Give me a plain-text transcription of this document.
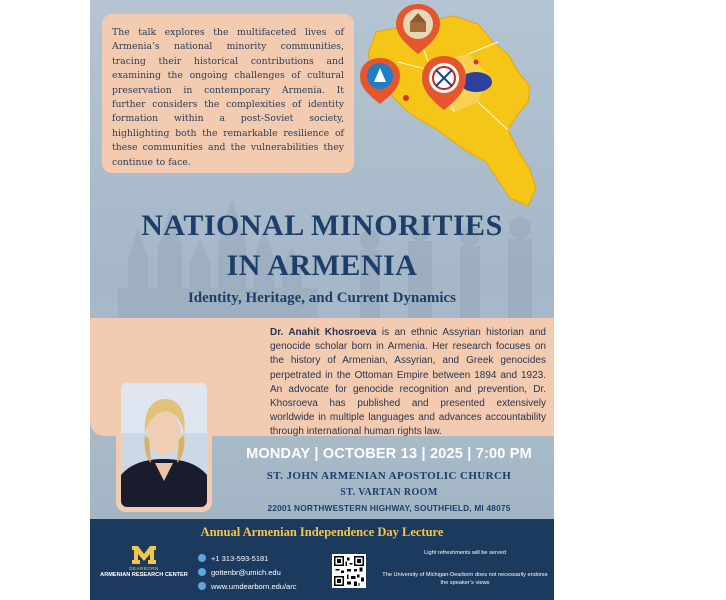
The talk explores the multifaceted lives of Armenia’s national minority communities, tracing their historical contributions and examining the ongoing challenges of cultural preservation in contemporary Armenia. It further considers the complexities of identity formation within a post-Soviet society, highlighting both the remarkable resilience of these communities and the vulnerabilities they continue to face.

NATIONAL MINORITIES
IN ARMENIA
Identity, Heritage, and Current Dynamics

Dr. Anahit Khosroeva is an ethnic Assyrian historian and genocide scholar born in Armenia. Her research focuses on the history of Armenian, Assyrian, and Greek genocides perpetrated in the Ottoman Empire between 1894 and 1923. An advocate for genocide recognition and prevention, Dr. Khosroeva has published and presented extensively worldwide in multiple languages and advances accountability through international human rights law.

MONDAY | OCTOBER 13 | 2025 | 7:00 PM
ST. JOHN ARMENIAN APOSTOLIC CHURCH
ST. VARTAN ROOM
22001 NORTHWESTERN HIGHWAY, SOUTHFIELD, MI 48075
Annual Armenian Independence Day Lecture
DEARBORN
ARMENIAN RESEARCH CENTER
+1 313-593-5181
gottenbr@umich.edu
www.umdearborn.edu/arc
Light refreshments will be served
The University of Michigan-Dearborn does not necessarily endorse the speaker’s views
